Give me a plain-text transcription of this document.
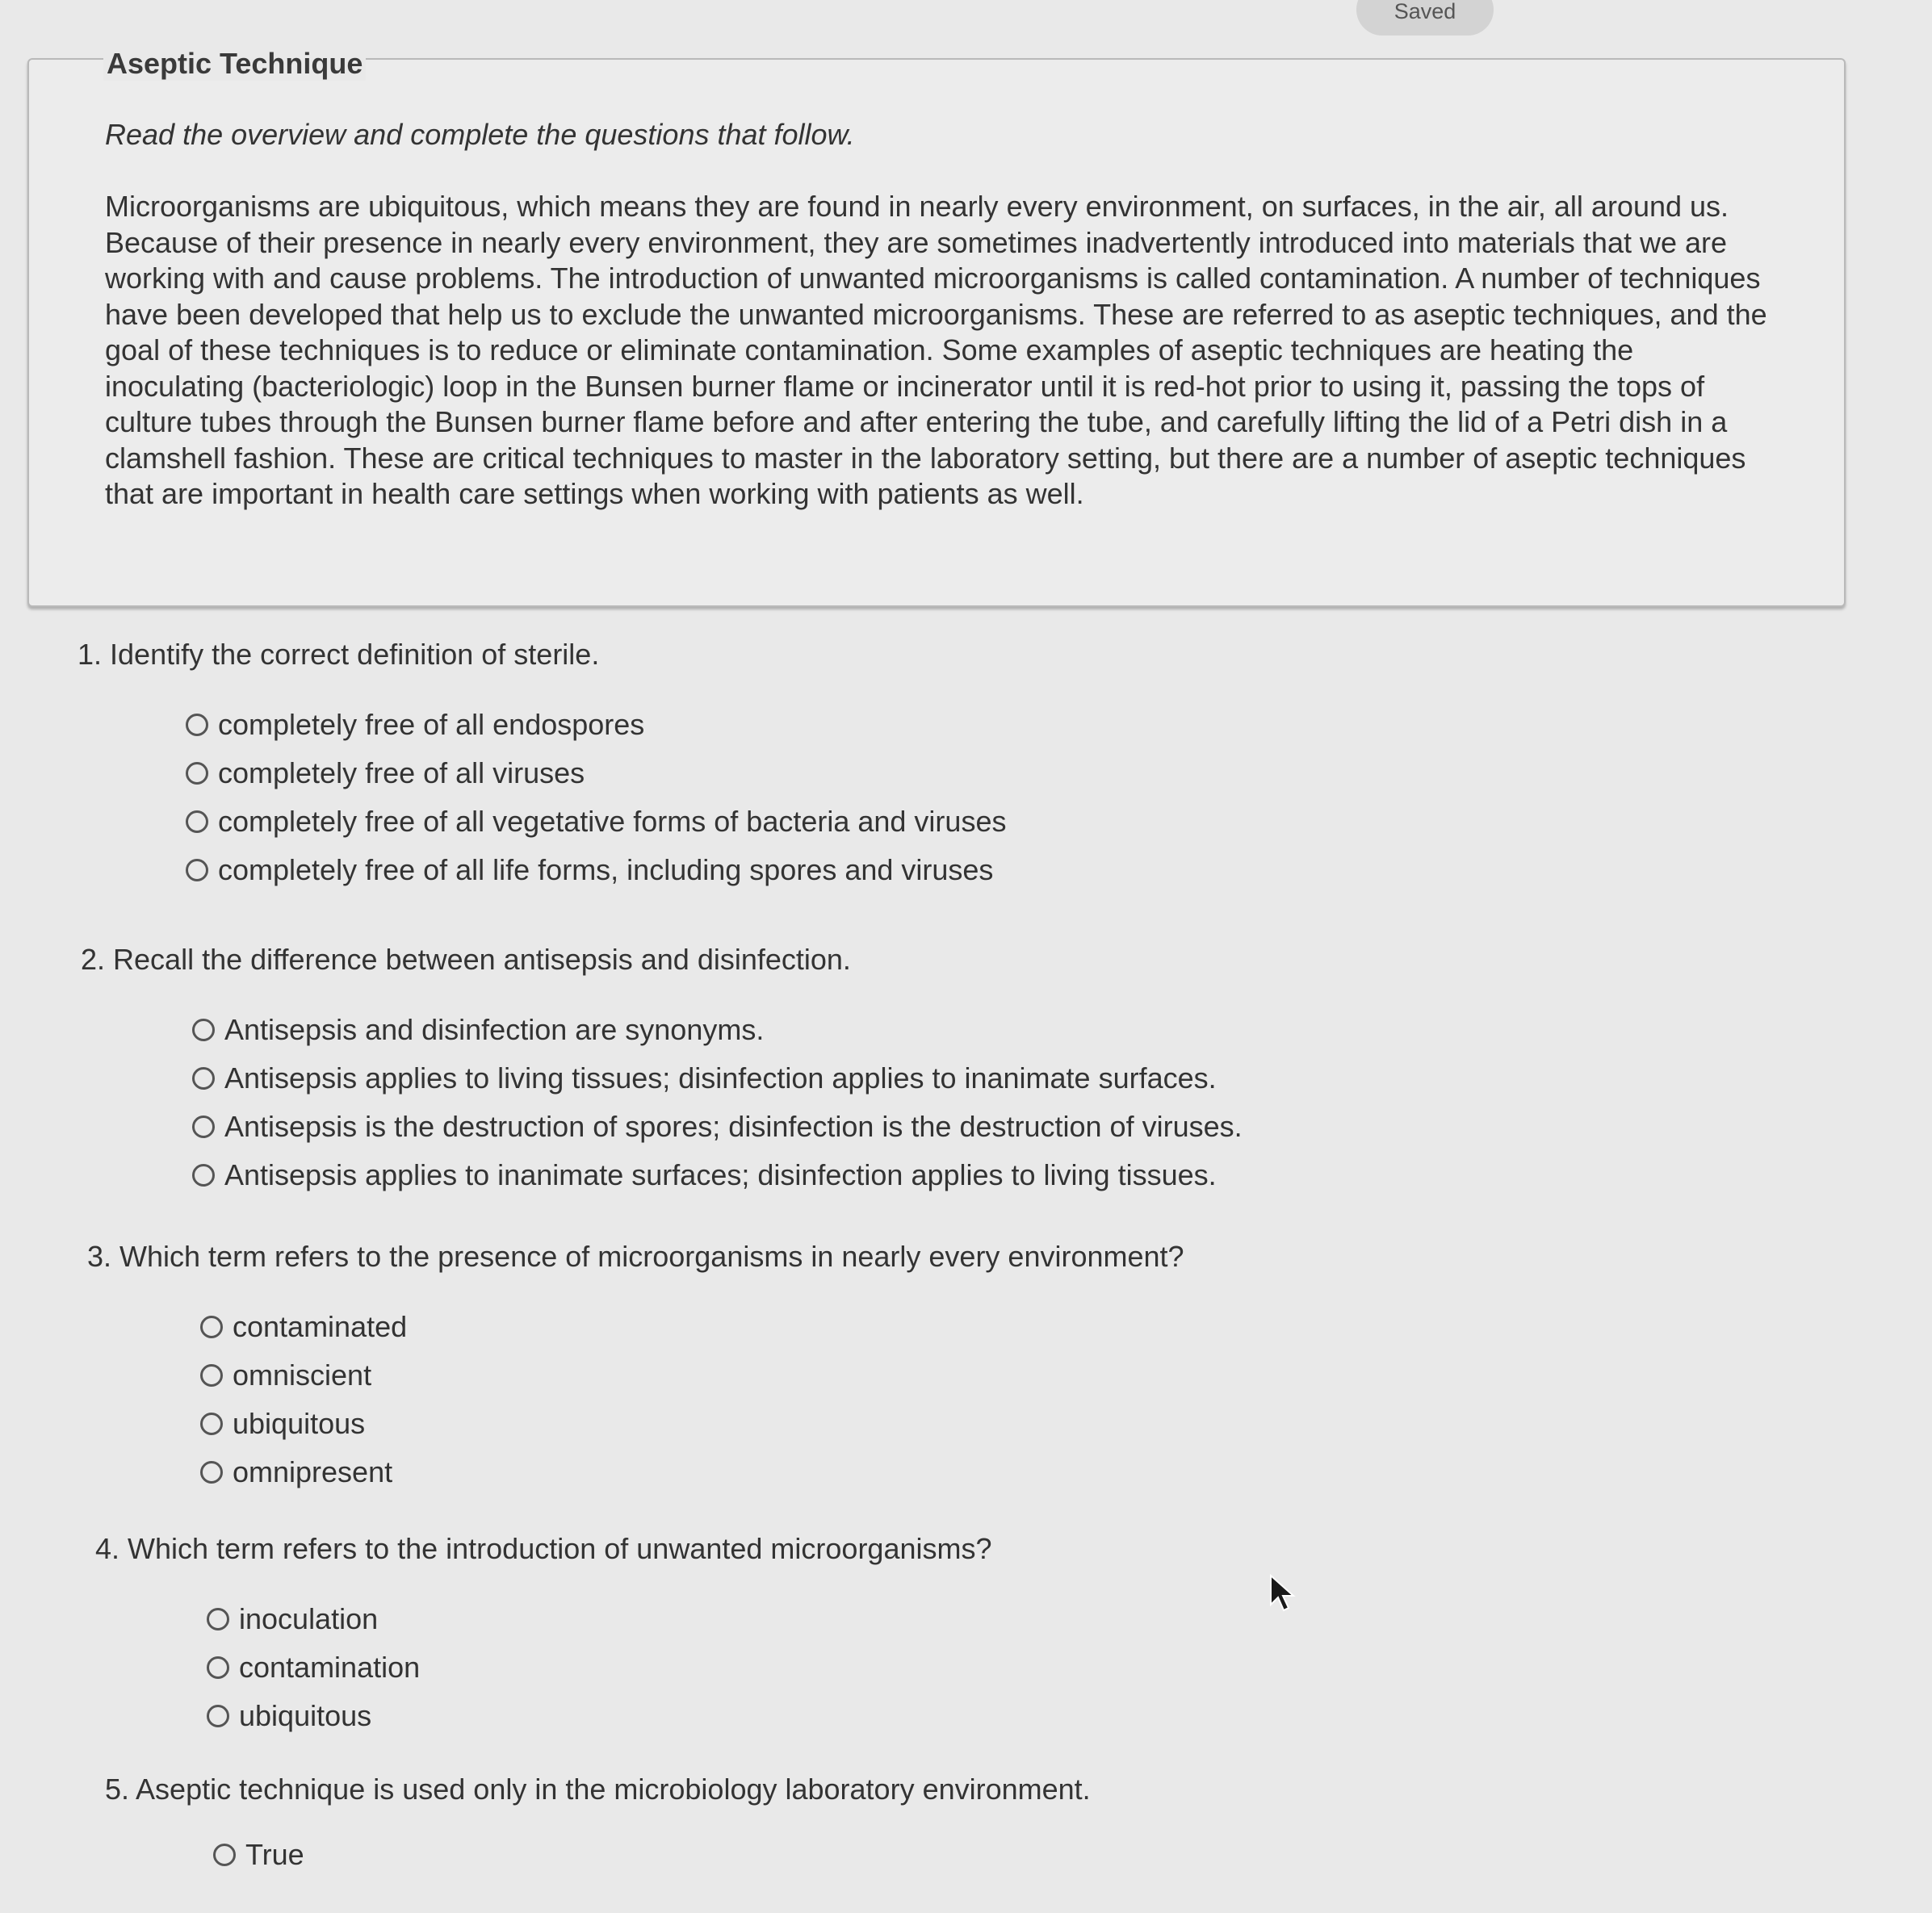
Saved
Aseptic Technique
Read the overview and complete the questions that follow.
Microorganisms are ubiquitous, which means they are found in nearly every environment, on surfaces, in the air, all around us. Because of their presence in nearly every environment, they are sometimes inadvertently introduced into materials that we are working with and cause problems. The introduction of unwanted microorganisms is called contamination. A number of techniques have been developed that help us to exclude the unwanted microorganisms. These are referred to as aseptic techniques, and the goal of these techniques is to reduce or eliminate contamination. Some examples of aseptic techniques are heating the inoculating (bacteriologic) loop in the Bunsen burner flame or incinerator until it is red-hot prior to using it, passing the tops of culture tubes through the Bunsen burner flame before and after entering the tube, and carefully lifting the lid of a Petri dish in a clamshell fashion. These are critical techniques to master in the laboratory setting, but there are a number of aseptic techniques that are important in health care settings when working with patients as well.
1. Identify the correct definition of sterile.
completely free of all endospores
completely free of all viruses
completely free of all vegetative forms of bacteria and viruses
completely free of all life forms, including spores and viruses
2. Recall the difference between antisepsis and disinfection.
Antisepsis and disinfection are synonyms.
Antisepsis applies to living tissues; disinfection applies to inanimate surfaces.
Antisepsis is the destruction of spores; disinfection is the destruction of viruses.
Antisepsis applies to inanimate surfaces; disinfection applies to living tissues.
3. Which term refers to the presence of microorganisms in nearly every environment?
contaminated
omniscient
ubiquitous
omnipresent
4. Which term refers to the introduction of unwanted microorganisms?
inoculation
contamination
ubiquitous
5. Aseptic technique is used only in the microbiology laboratory environment.
True
